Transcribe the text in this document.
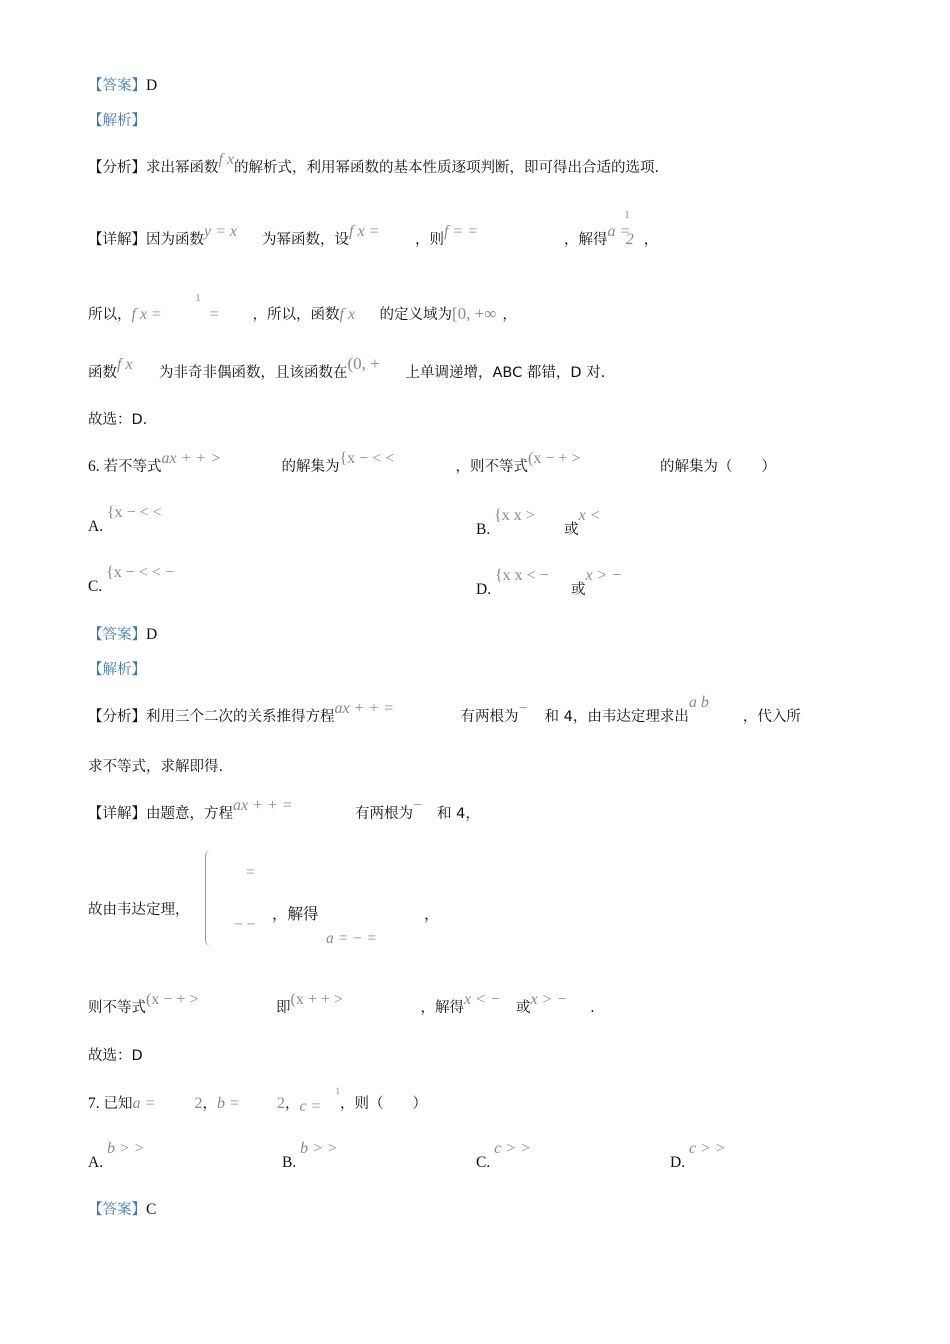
【答案】D
【解析】
【分析】求出幂函数f x的解析式，利用幂函数的基本性质逐项判断，即可得出合适的选项.
【详解】因为函数y = x 为幂函数，设f x = ，则f = =	，解得a =12 ，
所以，f x =1= ，所以，函数f x 的定义域为[0, +∞ ，
函数f x 为非奇非偶函数，且该函数在(0, + 上单调递增，ABC 都错，D 对.
故选：D.
6. 若不等式ax + + >	的解集为{x − < <	，则不等式(x − + >	的解集为（　　）
A. {x − < <
B. {x x >或x <
C. {x − < < −
D. {x x < −或x > −
【答案】D
【解析】
【分析】利用三个二次的关系推得方程ax + + =	有两根为− 和 4，由韦达定理求出a b，代入所
求不等式，求解即得.
【详解】由题意，方程ax + + =	有两根为− 和 4，
故由韦达定理，
=
− −
，解得
a = − =
，
则不等式(x − + >	即(x + + >	，解得x < − 或x > − .
故选：D
7. 已知a = 2，b = 2，c =1，则（　　）
A. b > >
B. b > >
C. c > >
D. c > >
【答案】C
